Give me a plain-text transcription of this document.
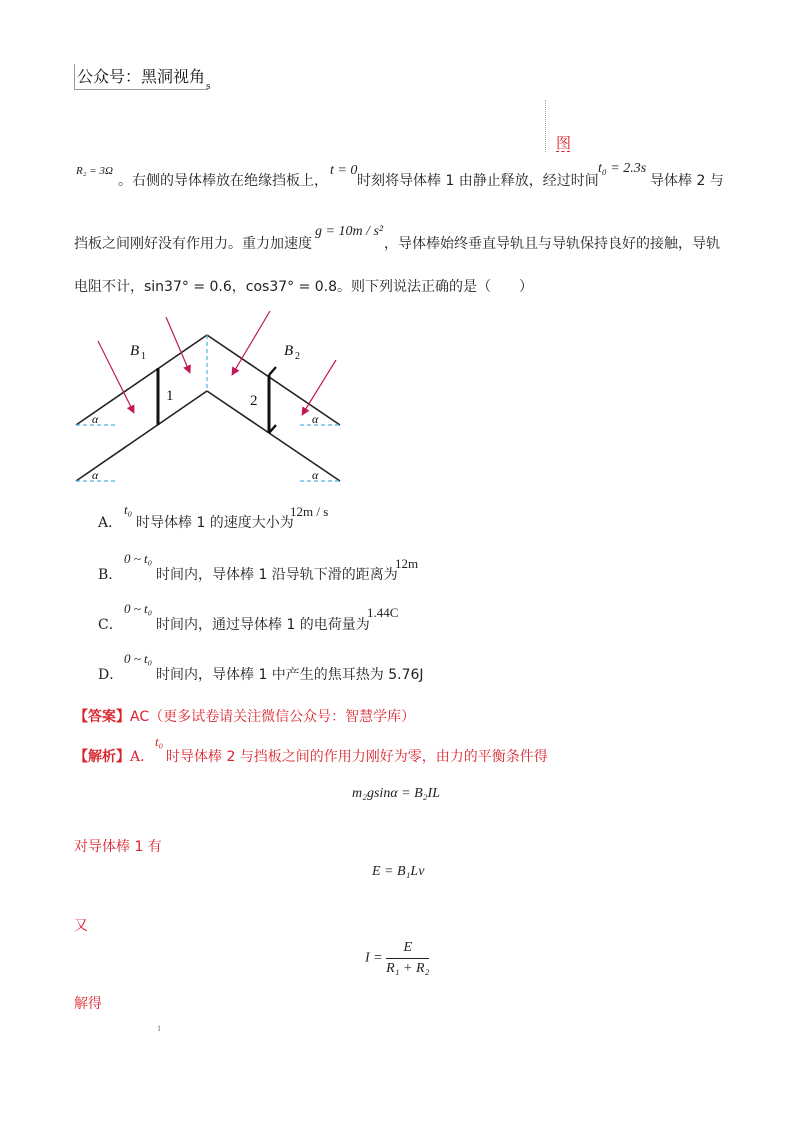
公众号：黑洞视角
s
图
R₂ = 3Ω
。右侧的导体棒放在绝缘挡板上，
t = 0
时刻将导体棒 1 由静止释放，经过时间
t₀ = 2.3s
导体棒 2 与
挡板之间刚好没有作用力。重力加速度
g = 10m / s²
，导体棒始终垂直导轨且与导轨保持良好的接触，导轨
电阻不计，sin37° = 0.6，cos37° = 0.8。则下列说法正确的是（　　）
B 1	B 2
1	2
α	α
α	α
A．
t₀
时导体棒 1 的速度大小为
12m / s
B．
0 ~ t₀
时间内，导体棒 1 沿导轨下滑的距离为
12m
C．
0 ~ t₀
时间内，通过导体棒 1 的电荷量为
1.44C
D．
0 ~ t₀
时间内，导体棒 1 中产生的焦耳热为 5.76J
【答案】 AC（更多试卷请关注微信公众号：智慧学库）
【解析】 A．
t₀
时导体棒 2 与挡板之间的作用力刚好为零，由力的平衡条件得
m₂gsinα = B₂IL
对导体棒 1 有
E = B₁Lv
又
$I = \frac{E}{\text{R₁ + R₂}}$
解得
1
